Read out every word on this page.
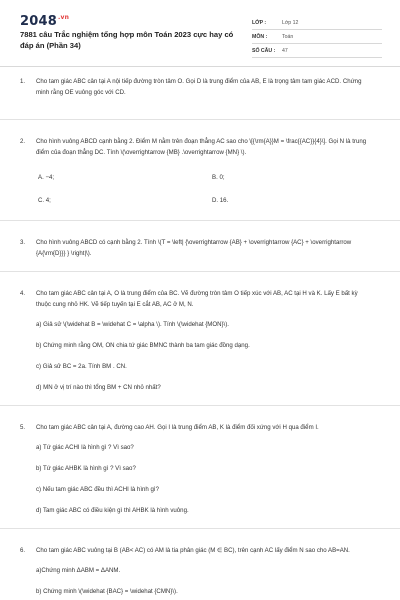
$2048^{.vn}$
7881 câu Trắc nghiệm tổng hợp môn Toán 2023 cực hay có đáp án (Phần 34)
LỚP :	Lớp 12
MÔN :	Toán
SỐ CÂU :	47
1. Cho tam giác ABC cân tại A nội tiếp đường tròn tâm O. Gọi D là trung điểm của AB, E là trọng tâm tam giác ACD. Chứng minh rằng OE vuông góc với CD.
2. Cho hình vuông ABCD cạnh bằng 2. Điểm M nằm trên đoạn thẳng AC sao cho \[{\rm{A}}M = \frac{{AC}}{4}\]. Gọi N là trung điểm của đoạn thẳng DC. Tính \(\overrightarrow {MB} .\overrightarrow {MN} \).
A. −4;	B. 0;
C. 4;	D. 16.
3. Cho hình vuông ABCD có cạnh bằng 2. Tính \(T = \left| {\overrightarrow {AB} + \overrightarrow {AC} + \overrightarrow {A{\rm{D}}} } \right|\).
4. Cho tam giác ABC cân tại A, O là trung điểm của BC. Vẽ đường tròn tâm O tiếp xúc với AB, AC tại H và K. Lấy E bất kỳ thuộc cung nhỏ HK. Vẽ tiếp tuyến tại E cắt AB, AC ở M, N.
a) Giả sử \(\widehat B = \widehat C = \alpha \). Tính \(\widehat {MON}\).
b) Chứng minh rằng OM, ON chia tứ giác BMNC thành ba tam giác đồng dạng.
c) Giả sử BC = 2a. Tính BM . CN.
d) MN ở vị trí nào thì tổng BM + CN nhỏ nhất?
5. Cho tam giác ABC cân tại A, đường cao AH. Gọi I là trung điểm AB, K là điểm đối xứng với H qua điểm I.
a) Tứ giác ACHI là hình gì ? Vì sao?
b) Tứ giác AHBK là hình gì ? Vì sao?
c) Nếu tam giác ABC đều thì ACHI là hình gì?
d) Tam giác ABC có điều kiện gì thì AHBK là hình vuông.
6. Cho tam giác ABC vuông tại B (AB< AC) có AM là tia phân giác (M ∈ BC), trên cạnh AC lấy điểm N sao cho AB=AN.
a)Chứng minh ΔABM = ΔANM.
b) Chứng minh \(\widehat {BAC} = \widehat {CMN}\).
